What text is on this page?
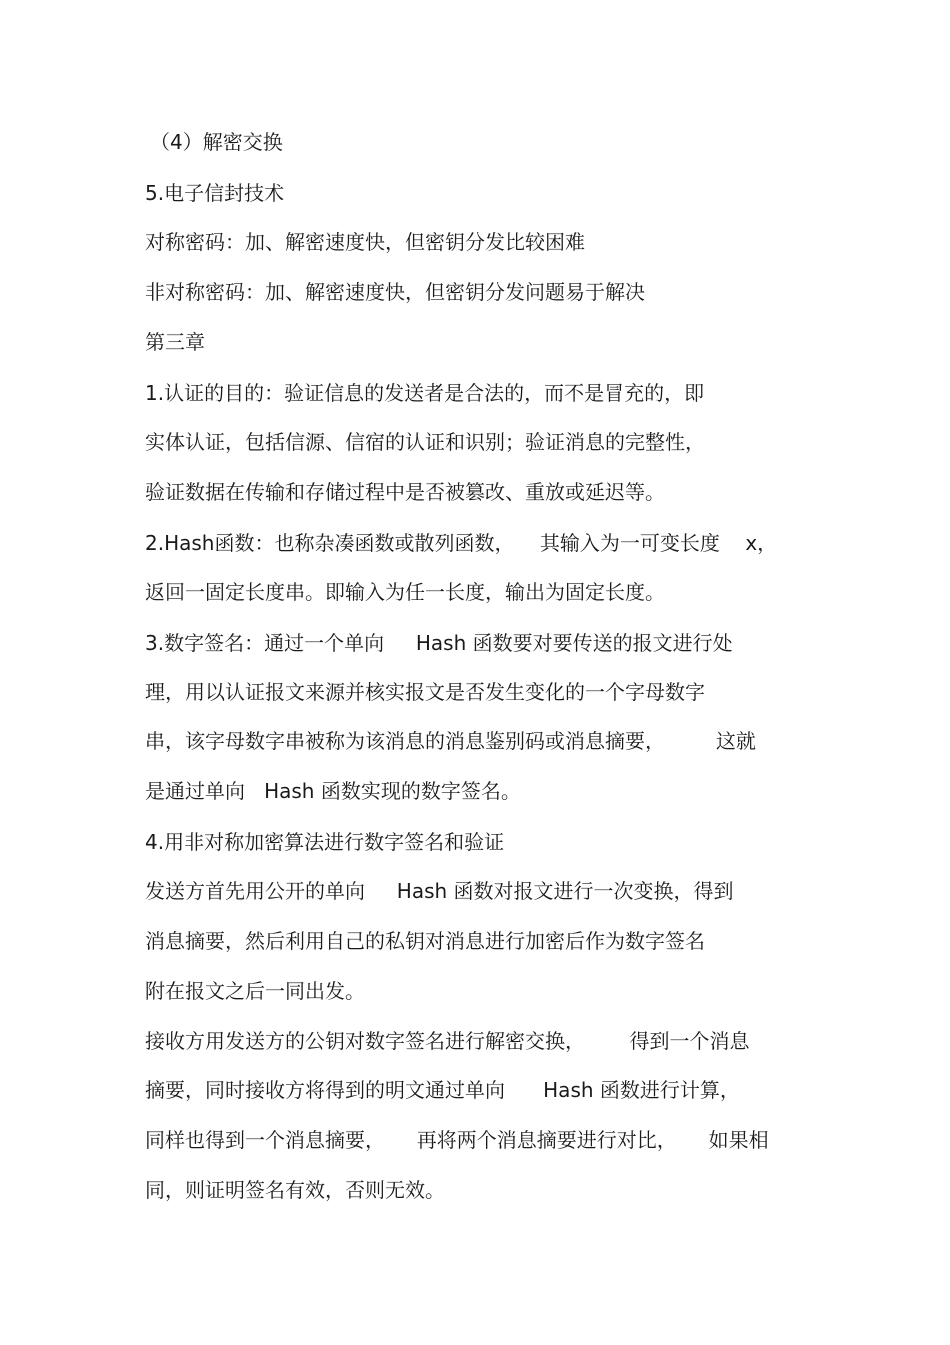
（4）解密交换
5.电子信封技术
对称密码：加、解密速度快，但密钥分发比较困难
非对称密码：加、解密速度快，但密钥分发问题易于解决
第三章
1.认证的目的：验证信息的发送者是合法的，而不是冒充的，即
实体认证，包括信源、信宿的认证和识别；验证消息的完整性，
验证数据在传输和存储过程中是否被篡改、重放或延迟等。
2.Hash函数：也称杂凑函数或散列函数，    其输入为一可变长度    x，
返回一固定长度串。即输入为任一长度，输出为固定长度。
3.数字签名：通过一个单向     Hash 函数要对要传送的报文进行处
理，用以认证报文来源并核实报文是否发生变化的一个字母数字
串，该字母数字串被称为该消息的消息鉴别码或消息摘要，        这就
是通过单向   Hash 函数实现的数字签名。
4.用非对称加密算法进行数字签名和验证
发送方首先用公开的单向     Hash 函数对报文进行一次变换，得到
消息摘要，然后利用自己的私钥对消息进行加密后作为数字签名
附在报文之后一同出发。
接收方用发送方的公钥对数字签名进行解密交换，       得到一个消息
摘要，同时接收方将得到的明文通过单向      Hash 函数进行计算，
同样也得到一个消息摘要，     再将两个消息摘要进行对比，     如果相
同，则证明签名有效，否则无效。
